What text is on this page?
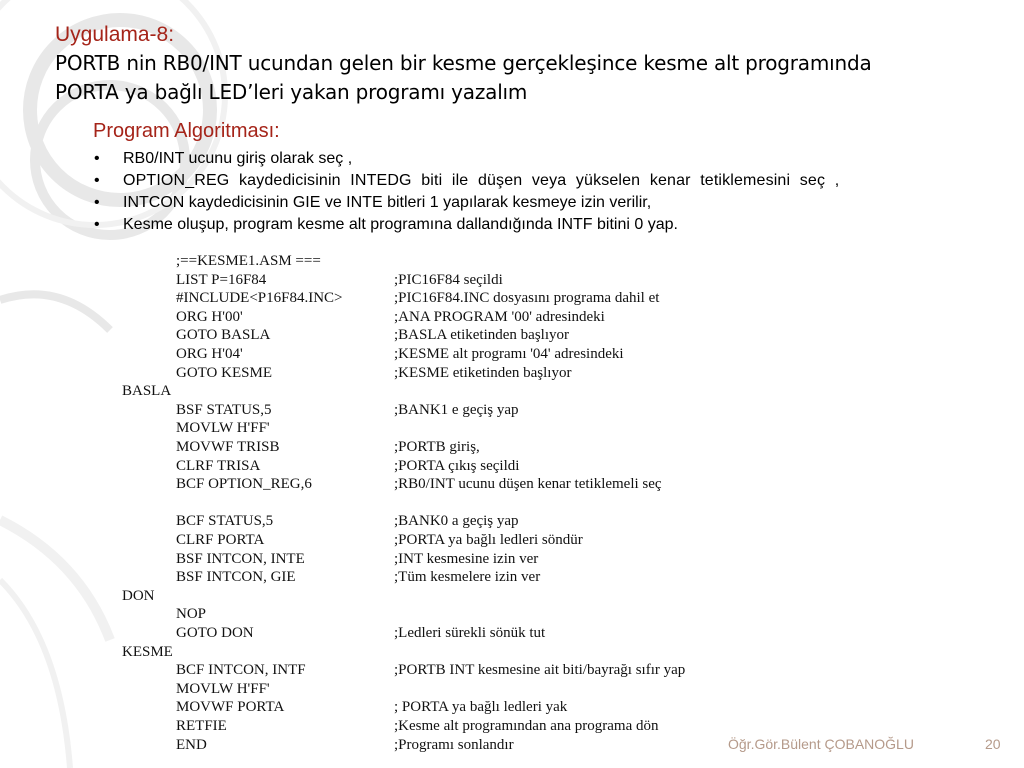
Uygulama-8:
PORTB nin RB0/INT ucundan gelen bir kesme gerçekleşince kesme alt programında
PORTA ya bağlı LED’leri yakan programı yazalım
Program Algoritması:
• RB0/INT ucunu giriş olarak seç ,
• OPTION_REG kaydedicisinin INTEDG biti ile düşen veya yükselen kenar tetiklemesini seç ,
• INTCON kaydedicisinin GIE ve INTE bitleri 1 yapılarak kesmeye izin verilir,
• Kesme oluşup, program kesme alt programına dallandığında INTF bitini 0 yap.
;==KESME1.ASM ===
LIST P=16F84	;PIC16F84 seçildi
#INCLUDE<P16F84.INC>	;PIC16F84.INC dosyasını programa dahil et
ORG H'00'	;ANA PROGRAM '00' adresindeki
GOTO BASLA	;BASLA etiketinden başlıyor
ORG H'04'	;KESME alt programı '04' adresindeki
GOTO KESME	;KESME etiketinden başlıyor
BASLA
BSF STATUS,5	;BANK1 e geçiş yap
MOVLW H'FF'
MOVWF TRISB	;PORTB giriş,
CLRF TRISA	;PORTA çıkış seçildi
BCF OPTION_REG,6	;RB0/INT ucunu düşen kenar tetiklemeli seç
BCF STATUS,5	;BANK0 a geçiş yap
CLRF PORTA	;PORTA ya bağlı ledleri söndür
BSF INTCON, INTE	;INT kesmesine izin ver
BSF INTCON, GIE	;Tüm kesmelere izin ver
DON
NOP
GOTO DON	;Ledleri sürekli sönük tut
KESME
BCF INTCON, INTF	;PORTB INT kesmesine ait biti/bayrağı sıfır yap
MOVLW H'FF'
MOVWF PORTA	; PORTA ya bağlı ledleri yak
RETFIE	;Kesme alt programından ana programa dön
END	;Programı sonlandır	Öğr.Gör.Bülent ÇOBANOĞLU	20
